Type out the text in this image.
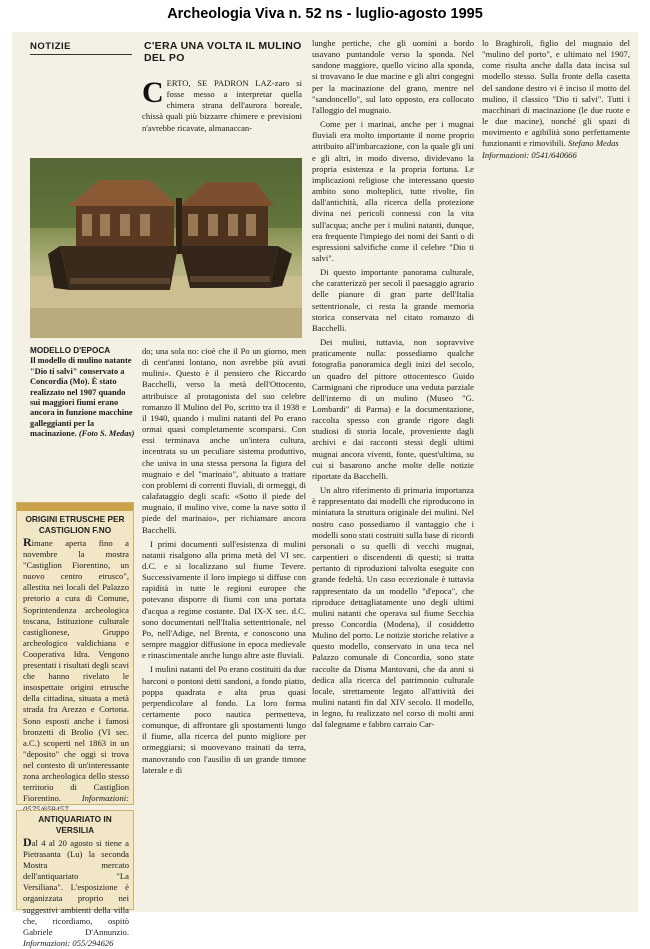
Archeologia Viva n. 52 ns - luglio-agosto 1995
NOTIZIE	C'ERA UNA VOLTA IL MULINO DEL PO
CERTO, SE PADRON LAZ-zaro si fosse messo a interpretar quella chimera strana dell'aurora boreale, chissà quali più bizzarre chimere e previsioni n'avrebbe ricavate, almanaccan-
MODELLO D'EPOCA
Il modello di mulino natante "Dio ti salvi" conservato a Concordia (Mo). È stato realizzato nel 1907 quando sui maggiori fiumi erano ancora in funzione macchine galleggianti per la macinazione. (Foto S. Medas)

do; una sola no: cioè che il Po un giorno, men di cent'anni lontano, non avrebbe più avuti mulini». Questo è il pensiero che Riccardo Bacchelli, verso la metà dell'Ottocento, attribuisce al protagonista del suo celebre romanzo Il Mulino del Po, scritto tra il 1938 e il 1940, quando i mulini natanti del Po erano ormai quasi completamente scomparsi. Con essi terminava anche un'intera cultura, incentrata su un peculiare sistema produttivo, che univa in una stessa persona la figura del mugnaio e del "marinaio", abituato a trattare con problemi di correnti fluviali, di ormeggi, di calafataggio degli scafi: «Sotto il piede del mugnaio, il mulino vive, come la nave sotto il piede del marinaio», per richiamare ancora Bacchelli.

I primi documenti sull'esistenza di mulini natanti risalgono alla prima metà del VI sec. d.C. e si localizzano sul fiume Tevere. Successivamente il loro impiego si diffuse con rapidità in tutte le regioni europee che potevano disporre di fiumi con una portata d'acqua a regime costante. Dal IX-X sec. d.C. sono documentati nell'Italia settentrionale, nel Po, nell'Adige, nel Brenta, e conoscono una sempre maggior diffusione in epoca medievale e rinascimentale anche lungo altre aste fluviali.

I mulini natanti del Po erano costituiti da due barconi o pontoni detti sandoni, a fondo piatto, poppa quadrata e alta prua quasi perpendicolare al fondo. La loro forma certamente poco nautica permetteva, comunque, di affrontare gli spostamenti lungo il fiume, alla ricerca del punto migliore per ormeggiarsi; si muovevano trainati da terra, manovrando con l'ausilio di un grande timone laterale e di

lunghe pertiche, che gli uomini a bordo usavano puntandole verso la sponda. Nel sandone maggiore, quello vicino alla sponda, si trovavano le due macine e gli altri congegni per la macinazione del grano, mentre nel "sandoncello", sul lato opposto, era collocato l'alloggio del mugnaio.

Come per i marinai, anche per i mugnai fluviali era molto importante il nome proprio attribuito all'imbarcazione, con la quale gli uni e gli altri, in modo diverso, dividevano la propria esistenza e la propria fortuna. Le implicazioni religiose che interessano questo ambito sono molteplici, tutte rivolte, fin dall'antichità, alla ricerca della protezione divina nei pericoli connessi con la vita sull'acqua; anche per i mulini natanti, dunque, era frequente l'impiego dei nomi dei Santi o di espressioni salvifiche come il celebre "Dio ti salvi".

Di questo importante panorama culturale, che caratterizzò per secoli il paesaggio agrario delle pianure di gran parte dell'Italia settentrionale, ci resta la grande memoria storica conservata nel citato romanzo di Bacchelli.

Dei mulini, tuttavia, non sopravvive praticamente nulla: possediamo qualche fotografia panoramica degli inizi del secolo, un quadro del pittore ottocentesco Guido Carmignani che riproduce una veduta parziale dell'interno di un mulino (Museo "G. Lombardi" di Parma) e la documentazione, raccolta spesso con grande rigore dagli studiosi di storia locale, proveniente dagli archivi e dai racconti stessi degli ultimi mugnai ancora viventi, fonte, quest'ultima, su cui si basarono anche molte delle notizie riportate da Bacchelli.

Un altro riferimento di primaria importanza è rappresentato dai modelli che riproducono in miniatura la struttura originale dei mulini. Nel nostro caso possediamo il vantaggio che i modelli sono stati costruiti sulla base di ricordi personali o su quelli di vecchi mugnai, carpentieri o discendenti di questi; si tratta pertanto di riproduzioni talvolta eseguite con grande fedeltà. Un caso eccezionale è tuttavia rappresentato da un modello "d'epoca", che riproduce dettagliatamente uno degli ultimi mulini natanti che operava sul fiume Secchia presso Concordia (Modena), il cosiddetto Mulino del porto. Le notizie storiche relative a questo modello, conservato in una teca nel Palazzo comunale di Concordia, sono state raccolte da Disma Mantovani, che da anni si dedica alla ricerca del patrimonio culturale locale, strettamente legato all'attività dei mulini natanti fin dal XIV secolo. Il modello, in legno, fu realizzato nel corso di molti anni dal falegname e fabbro carraio Car-

lo Braghiroli, figlio del mugnaio del "mulino del porto", e ultimato nel 1907, come risulta anche dalla data incisa sul modello stesso. Sulla fronte della casetta del sandone destro vi è inciso il motto del mulino, il classico "Dio ti salvi". Tutti i macchinari di macinazione (le due ruote e le due macine), nonché gli spazi di movimento e agibilità sono perfettamente funzionanti e rimovibili. Stefano Medas
Informazioni: 0541/640666
ORIGINI ETRUSCHE PER CASTIGLION F.NO
Rimane aperta fino a novembre la mostra "Castiglion Fiorentino, un nuovo centro etrusco", allestita nei locali del Palazzo pretorio a cura di Comune, Soprintendenza archeologica toscana, Istituzione culturale castiglionese, Gruppo archeologico valdichiana e Cooperativa Idra. Vengono presentati i risultati degli scavi che hanno rivelato le insospettate origini etrusche della cittadina, situata a metà strada fra Arezzo e Cortona. Sono esposti anche i famosi bronzetti di Brolio (VI sec. a.C.) scoperti nel 1863 in un "deposito" che oggi si trova nel contesto di un'interessante zona archeologica dello stesso territorio di Castiglion Fiorentino. Informazioni:
ANTIQUARIATO IN VERSILIA
Dal 4 al 20 agosto si tiene a Pietrasanta (Lu) la seconda Mostra mercato dell'antiquariato "La Versiliana". L'esposizione è organizzata proprio nei suggestivi ambienti della villa che, ricordiamo, ospitò Gabriele D'Annunzio. Informazioni: 055/294626
